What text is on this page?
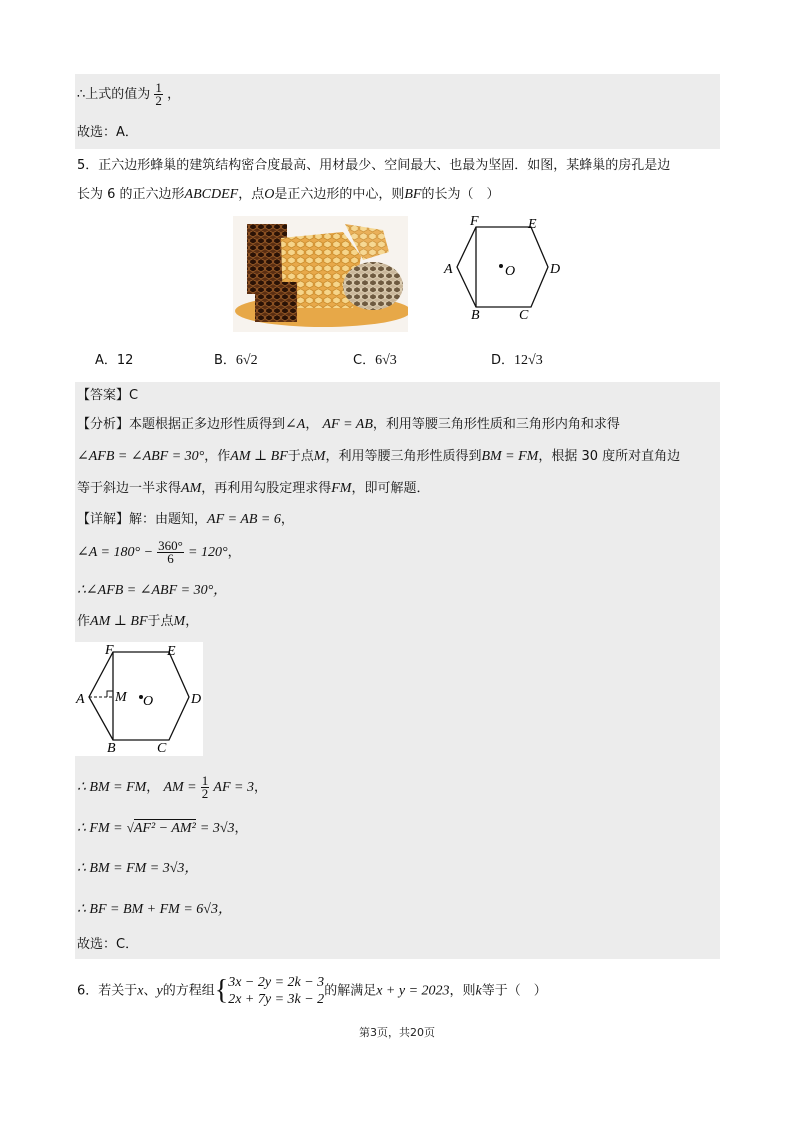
∴上式的值为 $\frac{1}{2}$ ，
故选：A．
5．正六边形蜂巢的建筑结构密合度最高、用材最少、空间最大、也最为坚固．如图，某蜂巢的房孔是边
长为 6 的正六边形ABCDEF，点O是正六边形的中心，则BF的长为（　）
F	E
A	O D
B	C
A．12	B．6√2	C．6√3	D．12√3
【答案】C
【分析】本题根据正多边形性质得到∠A， AF = AB，利用等腰三角形性质和三角形内角和求得
∠AFB = ∠ABF = 30°，作AM ⊥ BF于点M，利用等腰三角形性质得到BM = FM，根据 30 度所对直角边
等于斜边一半求得AM，再利用勾股定理求得FM，即可解题．
【详解】解：由题知，AF = AB = 6，
∠A = $180^\circ - \frac{360^\circ}{6} = 120^\circ$，
∴∠AFB = ∠ABF = 30°，
作AM ⊥ BF于点M，
F	E
A M O	D
B	C
∴ BM = FM， AM = $\frac{1}{2}$ AF = 3，
∴ FM = √AF² − AM² = 3√3，
∴ BM = FM = 3√3，
∴ BF = BM + FM = 6√3，
故选：C．
6．若关于x、y的方程组{ 3x − 2y = 2k − 3
2x + 7y = 3k − 2
的解满足x + y = 2023，则k等于（　）
第3页，共20页
